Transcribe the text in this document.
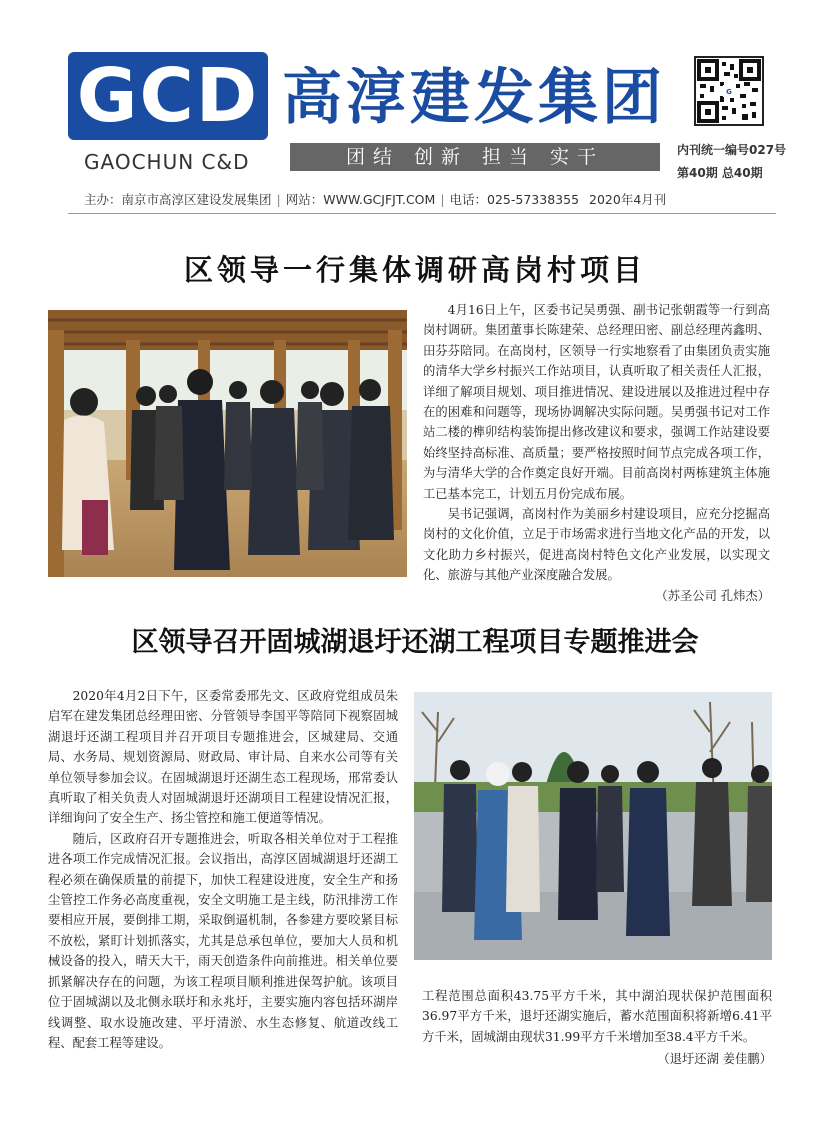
GCD
GAOCHUN C&D
高淳建发集团
团结 创新 担当 实干
G
内刊统一编号027号
第40期 总40期
主办：南京市高淳区建设发展集团 | 网站：WWW.GCJFJT.COM | 电话：025-57338355 2020年4月刊
区领导一行集体调研高岗村项目

4月16日上午，区委书记吴勇强、副书记张朝霞等一行到高岗村调研。集团董事长陈建荣、总经理田密、副总经理芮鑫明、田芬芬陪同。在高岗村，区领导一行实地察看了由集团负责实施的清华大学乡村振兴工作站项目，认真听取了相关责任人汇报，详细了解项目规划、项目推进情况、建设进展以及推进过程中存在的困难和问题等，现场协调解决实际问题。吴勇强书记对工作站二楼的榫卯结构装饰提出修改建议和要求，强调工作站建设要始终坚持高标准、高质量；要严格按照时间节点完成各项工作，为与清华大学的合作奠定良好开端。目前高岗村两栋建筑主体施工已基本完工，计划五月份完成布展。

吴书记强调，高岗村作为美丽乡村建设项目，应充分挖掘高岗村的文化价值，立足于市场需求进行当地文化产品的开发，以文化助力乡村振兴，促进高岗村特色文化产业发展，以实现文化、旅游与其他产业深度融合发展。

（苏圣公司 孔炜杰）
区领导召开固城湖退圩还湖工程项目专题推进会

2020年4月2日下午，区委常委邢先文、区政府党组成员朱启军在建发集团总经理田密、分管领导李国平等陪同下视察固城湖退圩还湖工程项目并召开项目专题推进会，区城建局、交通局、水务局、规划资源局、财政局、审计局、自来水公司等有关单位领导参加会议。在固城湖退圩还湖生态工程现场，邢常委认真听取了相关负责人对固城湖退圩还湖项目工程建设情况汇报，详细询问了安全生产、扬尘管控和施工便道等情况。

随后，区政府召开专题推进会，听取各相关单位对于工程推进各项工作完成情况汇报。会议指出，高淳区固城湖退圩还湖工程必须在确保质量的前提下，加快工程建设进度，安全生产和扬尘管控工作务必高度重视，安全文明施工是主线，防汛排涝工作要相应开展，要倒排工期，采取倒逼机制，各参建方要咬紧目标不放松，紧盯计划抓落实，尤其是总承包单位，要加大人员和机械设备的投入，晴天大干，雨天创造条件向前推进。相关单位要抓紧解决存在的问题，为该工程项目顺利推进保驾护航。该项目位于固城湖以及北侧永联圩和永兆圩，主要实施内容包括环湖岸线调整、取水设施改建、平圩清淤、水生态修复、航道改线工程、配套工程等建设。

工程范围总面积43.75平方千米，其中湖泊现状保护范围面积36.97平方千米，退圩还湖实施后，蓄水范围面积将新增6.41平方千米，固城湖由现状31.99平方千米增加至38.4平方千米。

（退圩还湖 姜佳鹏）
